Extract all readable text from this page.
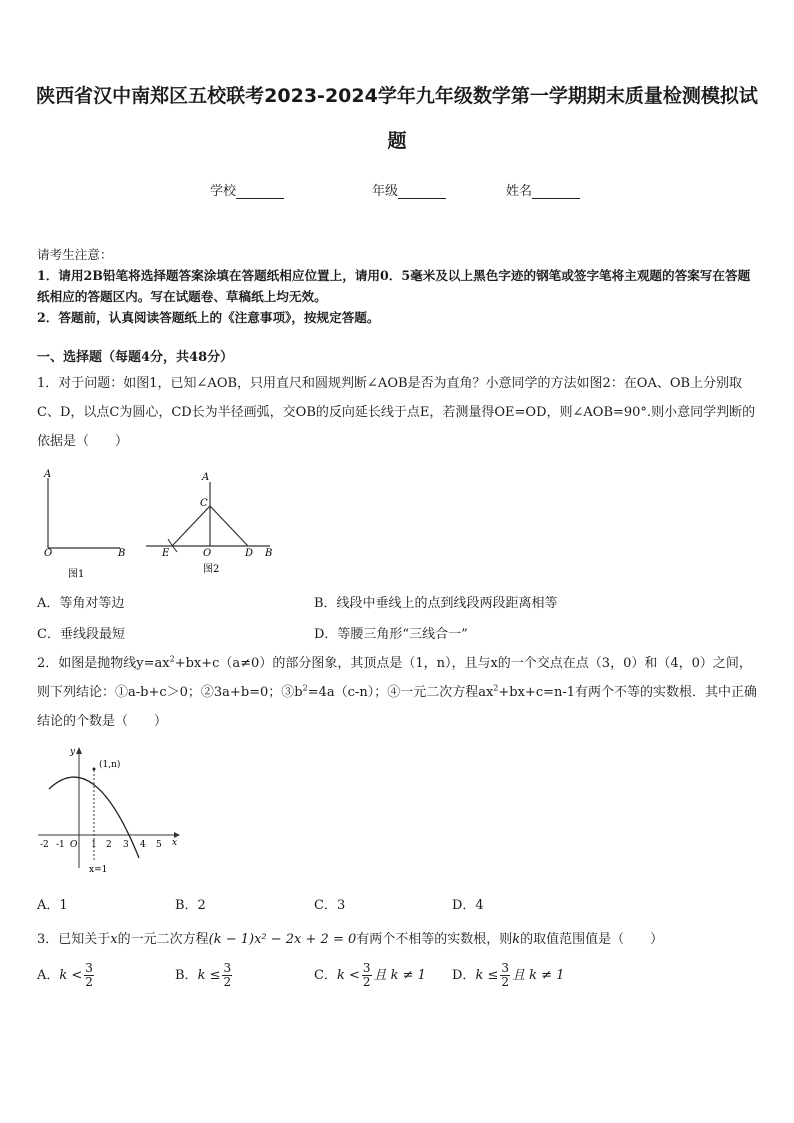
陕西省汉中南郑区五校联考2023-2024学年九年级数学第一学期期末质量检测模拟试题
学校	年级	姓名
请考生注意：
1．请用2B铅笔将选择题答案涂填在答题纸相应位置上，请用0．5毫米及以上黑色字迹的钢笔或签字笔将主观题的答案写在答题纸相应的答题区内。写在试题卷、草稿纸上均无效。
2．答题前，认真阅读答题纸上的《注意事项》，按规定答题。
一、选择题（每题4分，共48分）
1．对于问题：如图1，已知∠AOB，只用直尺和圆规判断∠AOB是否为直角？小意同学的方法如图2：在OA、OB上分别取C、D，以点C为圆心，CD长为半径画弧，交OB的反向延长线于点E，若测量得OE=OD，则∠AOB=90°.则小意同学判断的依据是（　　）
A
O	B
图1
A
C
E	O	D B
图2
A．等角对等边	B．线段中垂线上的点到线段两段距离相等
C．垂线段最短	D．等腰三角形“三线合一”
2．如图是抛物线$y=ax^2+bx+c(a\ne 0)$的部分图象，其顶点是（1，n），且与x的一个交点在点（3，0）和（4，0）之间，则下列结论：①a-b+c＞0；②3a+b=0；$③b^2=4a(c-n)$；④一元二次方程$ax^2+bx+c=n-1$有两个不等的实数根．其中正确结论的个数是（　　）
x
y
-2 -1 O 1 2 3 4 5
x=1
(1,n)
A．1	B．2	C．3	D．4
3．已知关于x的一元二次方程(k − 1)x² − 2x + 2 = 0有两个不相等的实数根，则k的取值范围值是（　　）
A．$k < \frac{3}{2}$	B．$k \le \frac{3}{2}$	C．$k < \frac{3}{2}$ 且 k ≠ 1 D．$k \le \frac{3}{2}$ 且 k ≠ 1
